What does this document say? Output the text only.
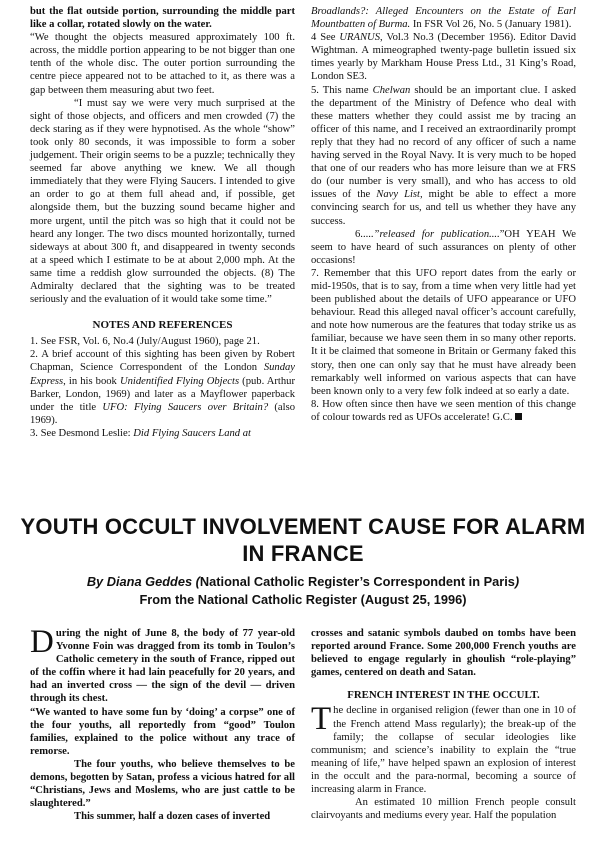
but the flat outside portion, surrounding the middle part like a collar, rotated slowly on the water.

“We thought the objects measured approximately 100 ft. across, the middle portion appearing to be not bigger than one tenth of the whole disc. The outer portion surrounding the centre piece appeared not to be attached to it, as there was a gap between them measuring abut two feet.

“I must say we were very much surprised at the sight of those objects, and officers and men crowded (7) the deck staring as if they were hypnotised. As the whole “show” took only 80 seconds, it was impossible to form a sober judgement. Their origin seems to be a puzzle; technically they seemed far above anything we knew. We all though immediately that they were Flying Saucers. I intended to give an order to go at them full ahead and, if possible, get alongside them, but the buzzing sound became higher and more urgent, until the pitch was so high that it could not be heard any longer. The two discs mounted horizontally, turned sideways at about 300 ft, and disappeared in twenty seconds at a speed which I estimate to be at about 2,000 mph. At the same time a reddish glow surrounded the objects. (8) The Admiralty declared that the sighting was to be treated seriously and the evaluation of it would take some time.”

NOTES AND REFERENCES

1. See FSR, Vol. 6, No.4 (July/August 1960), page 21.

2. A brief account of this sighting has been given by Robert Chapman, Science Correspondent of the London Sunday Express, in his book Unidentified Flying Objects (pub. Arthur Barker, London, 1969) and later as a Mayflower paperback under the title UFO: Flying Saucers over Britain? (also 1969).

3. See Desmond Leslie: Did Flying Saucers Land at

Broadlands?: Alleged Encounters on the Estate of Earl Mountbatten of Burma. In FSR Vol 26, No. 5 (January 1981).

4 See URANUS, Vol.3 No.3 (December 1956). Editor David Wightman. A mimeographed twenty-page bulletin issued six times yearly by Markham House Press Ltd., 31 King’s Road, London SE3.

5. This name Chelwan should be an important clue. I asked the department of the Ministry of Defence who deal with these matters whether they could assist me by tracing an officer of this name, and I received an extraordinarily prompt reply that they had no record of any officer of such a name having served in the Royal Navy. It is very much to be hoped that one of our readers who has more leisure than we at FRS do (our number is very small), and who has access to old issues of the Navy List, might be able to effect a more convincing search for us, and tell us whether they have any success.

6.....”released for publication....”OH YEAH We seem to have heard of such assurances on plenty of other occasions!

7. Remember that this UFO report dates from the early or mid-1950s, that is to say, from a time when very little had yet been published about the details of UFO appearance or UFO behaviour. Read this alleged naval officer’s account carefully, and note how numerous are the features that today strike us as familiar, because we have seen them in so many other reports. It it be claimed that someone in Britain or Germany faked this story, then one can only say that he must have already been remarkably well informed on various aspects that can have been known only to a very few folk indeed at so early a date.

8. How often since then have we seen mention of this change of colour towards red as UFOs accelerate! G.C.

YOUTH OCCULT INVOLVEMENT CAUSE FOR ALARM IN FRANCE
By Diana Geddes (National Catholic Register’s Correspondent in Paris)
From the National Catholic Register (August 25, 1996)

During the night of June 8, the body of 77 year-old Yvonne Foin was dragged from its tomb in Toulon’s Catholic cemetery in the south of France, ripped out of the coffin where it had lain peacefully for 20 years, and had an inverted cross — the sign of the devil — driven through its chest.

“We wanted to have some fun by ‘doing’ a corpse” one of the four youths, all reportedly from “good” Toulon families, explained to the police without any trace of remorse.

The four youths, who believe themselves to be demons, begotten by Satan, profess a vicious hatred for all “Christians, Jews and Moslems, who are just cattle to be slaughtered.”

This summer, half a dozen cases of inverted

crosses and satanic symbols daubed on tombs have been reported around France. Some 200,000 French youths are believed to engage regularly in ghoulish “role-playing” games, centered on death and Satan.

FRENCH INTEREST IN THE OCCULT.

The decline in organised religion (fewer than one in 10 of the French attend Mass regularly); the break-up of the family; the collapse of secular ideologies like communism; and science’s inability to explain the “true meaning of life,” have helped spawn an explosion of interest in the occult and the para-normal, becoming a source of increasing alarm in France.

An estimated 10 million French people consult clairvoyants and mediums every year. Half the population
